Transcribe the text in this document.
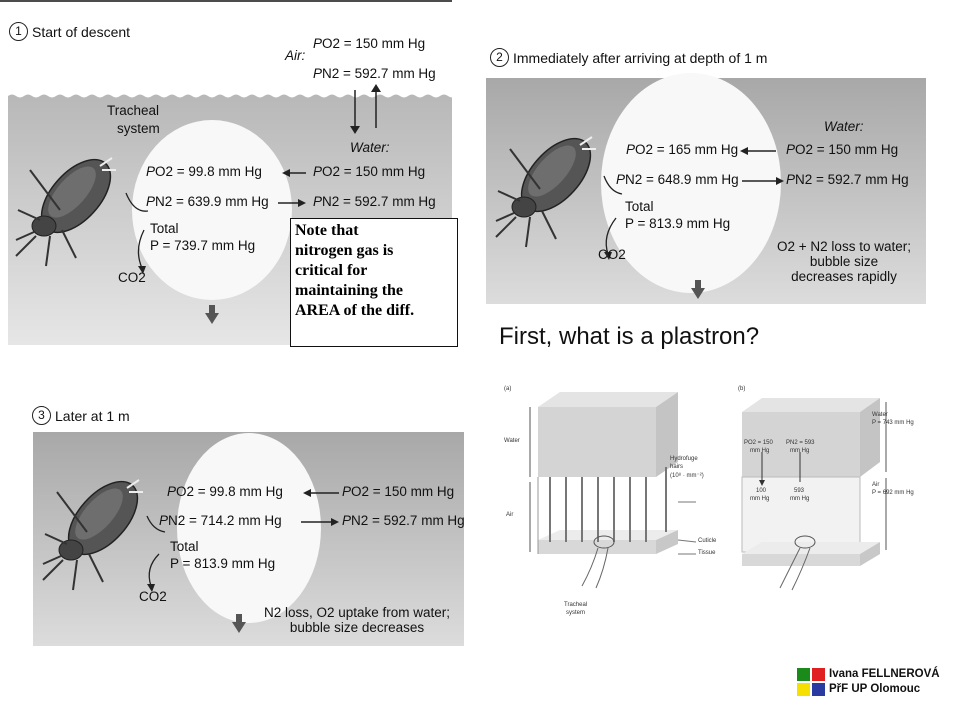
1 Start of descent
Air:
PO2 = 150 mm Hg
PN2 = 592.7 mm Hg
Tracheal
system
Water:
PO2 = 99.8 mm Hg	PO2 = 150 mm Hg
PN2 = 639.9 mm Hg	PN2 = 592.7 mm Hg
Total
P = 739.7 mm Hg
CO2
Note that
nitrogen gas is
critical for
maintaining the
AREA of the diff.
2 Immediately after arriving at depth of 1 m
Water:
PO2 = 165 mm Hg	PO2 = 150 mm Hg
PN2 = 648.9 mm Hg	PN2 = 592.7 mm Hg
Total
P = 813.9 mm Hg
CO2
O2 + N2 loss to water;
bubble size
decreases rapidly
First, what is a plastron?
3 Later at 1 m
PO2 = 99.8 mm Hg	PO2 = 150 mm Hg
PN2 = 714.2 mm Hg	PN2 = 592.7 mm Hg
Total
P = 813.9 mm Hg
CO2
N2 loss, O2 uptake from water;
bubble size decreases
(a)	(b)
Water
Air
Hydrofuge
hairs
(10⁸ · mm⁻²)
Cuticle
Tissue
Tracheal
system
PO2 = 150
mm Hg
PN2 = 593
mm Hg
100
mm Hg
593
mm Hg
Water
P = 743 mm Hg
Air
P = 692 mm Hg
Ivana FELLNEROVÁ
PřF UP Olomouc
